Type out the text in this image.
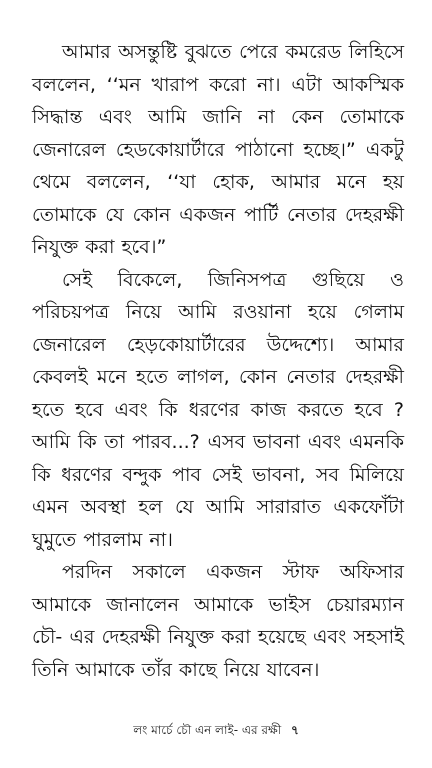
আমার অসন্তুষ্টি বুঝতে পেরে কমরেড লিহিসে বললেন, ‘‘মন খারাপ করো না। এটা আকস্মিক সিদ্ধান্ত এবং আমি জানি না কেন তোমাকে জেনারেল হেডকোয়ার্টারে পাঠানো হচ্ছে।” একটু থেমে বললেন, ‘‘যা হোক, আমার মনে হয় তোমাকে যে কোন একজন পার্টি নেতার দেহরক্ষী নিযুক্ত করা হবে।”

সেই বিকেলে, জিনিসপত্র গুছিয়ে ও পরিচয়পত্র নিয়ে আমি রওয়ানা হয়ে গেলাম জেনারেল হেড়কোয়ার্টারের উদ্দেশ্যে। আমার কেবলই মনে হতে লাগল, কোন নেতার দেহরক্ষী হতে হবে এবং কি ধরণের কাজ করতে হবে ? আমি কি তা পারব...? এসব ভাবনা এবং এমনকি কি ধরণের বন্দুক পাব সেই ভাবনা, সব মিলিয়ে এমন অবস্থা হল যে আমি সারারাত একফোঁটা ঘুমুতে পারলাম না।

পরদিন সকালে একজন স্টাফ অফিসার আমাকে জানালেন আমাকে ভাইস চেয়ারম্যান চৌ- এর দেহরক্ষী নিযুক্ত করা হয়েছে এবং সহসাই তিনি আমাকে তাঁর কাছে নিয়ে যাবেন।

লং মার্চে চৌ এন লাই- এর রক্ষী ৭
